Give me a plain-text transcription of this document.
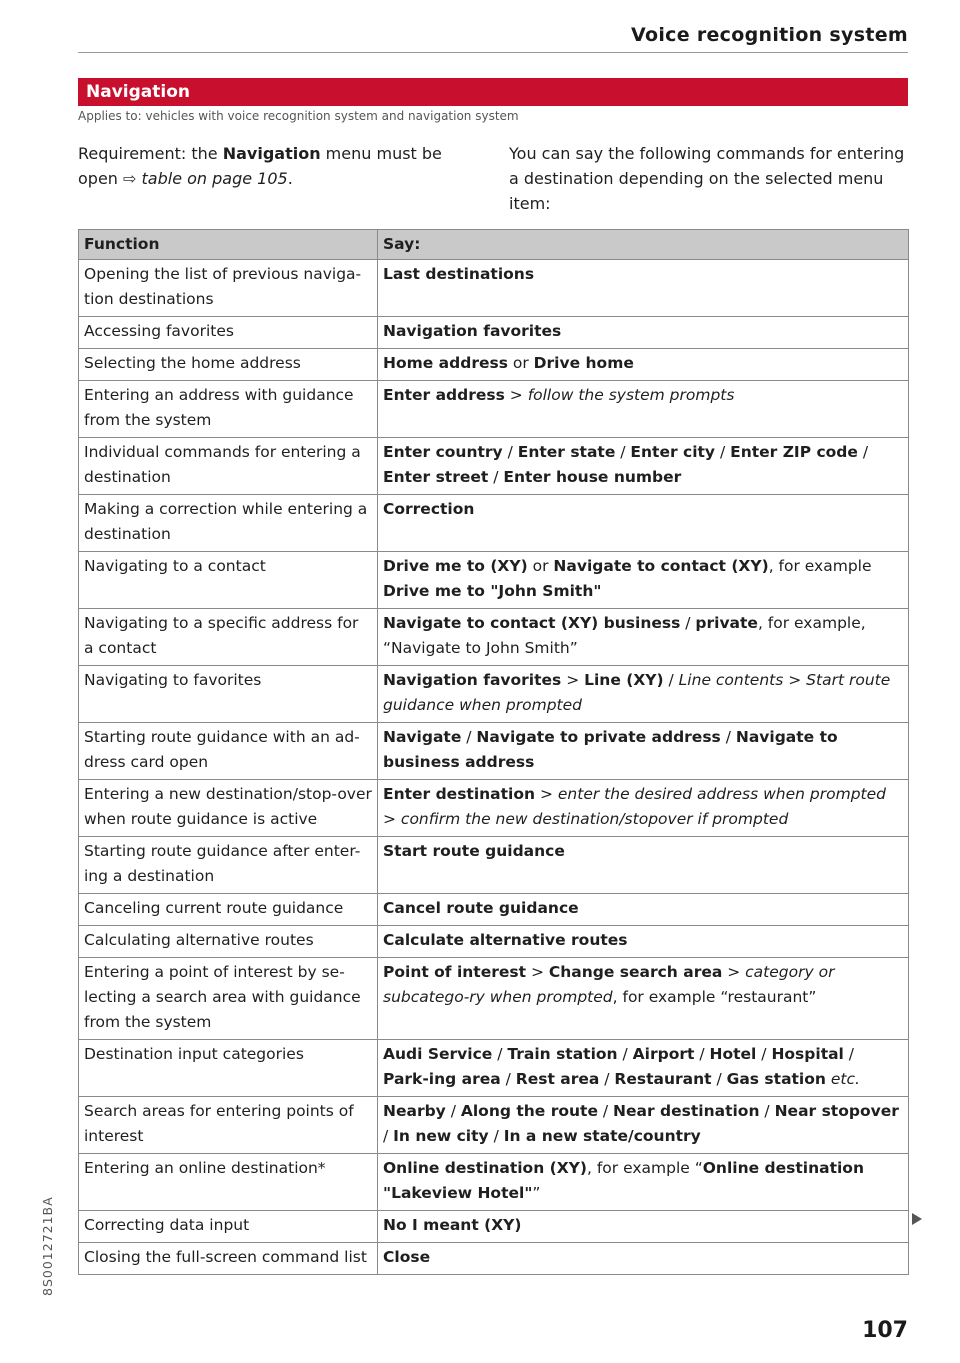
Voice recognition system
Navigation
Applies to: vehicles with voice recognition system and navigation system
Requirement: the Navigation menu must be open ⇨ table on page 105.
You can say the following commands for entering a destination depending on the selected menu item:
Function	Say:
Opening the list of previous naviga-tion destinations	Last destinations
Accessing favorites	Navigation favorites
Selecting the home address	Home address or Drive home
Entering an address with guidance from the system	Enter address > follow the system prompts
Individual commands for entering a destination	Enter country / Enter state / Enter city / Enter ZIP code / Enter street / Enter house number
Making a correction while entering a destination	Correction
Navigating to a contact	Drive me to (XY) or Navigate to contact (XY), for example Drive me to "John Smith"
Navigating to a specific address for a contact	Navigate to contact (XY) business / private, for example, “Navigate to John Smith”
Navigating to favorites	Navigation favorites > Line (XY) / Line contents > Start route guidance when prompted
Starting route guidance with an ad-dress card open	Navigate / Navigate to private address / Navigate to business address
Entering a new destination/stop-over when route guidance is active	Enter destination > enter the desired address when prompted > confirm the new destination/stopover if prompted
Starting route guidance after enter-ing a destination	Start route guidance
Canceling current route guidance	Cancel route guidance
Calculating alternative routes	Calculate alternative routes
Entering a point of interest by se-lecting a search area with guidance from the system	Point of interest > Change search area > category or subcatego-ry when prompted, for example “restaurant”
Destination input categories	Audi Service / Train station / Airport / Hotel / Hospital / Park-ing area / Rest area / Restaurant / Gas station etc.
Search areas for entering points of interest	Nearby / Along the route / Near destination / Near stopover / In new city / In a new state/country
Entering an online destination*	Online destination (XY), for example “Online destination "Lakeview Hotel"”
Correcting data input	No I meant (XY)
Closing the full-screen command list	Close
8S0012721BA
107
